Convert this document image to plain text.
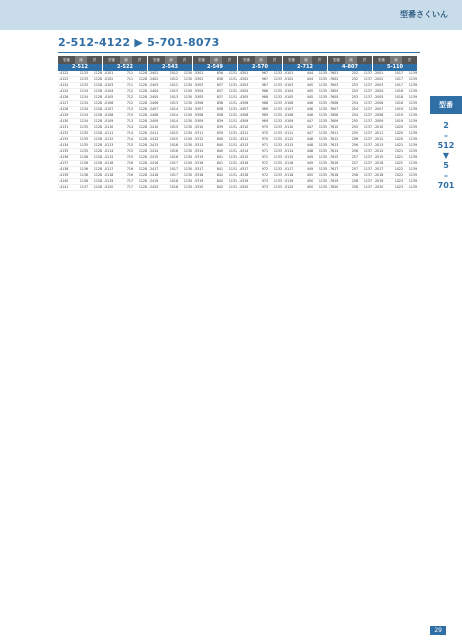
型番さくいん
2-512-4122 ▶ 5-701-8073
型番	価	頁
2-512
-4122	1133	1128
-4123	1133	1128
-4124	1133	1128
-4125	1134	1128
-4126	1134	1128
-4127	1134	1128
-4128	1134	1128
-4129	1134	1128
-4130	1134	1128
-4131	1135	1128
-4132	1135	1128
-4133	1135	1128
-4134	1135	1128
-4135	1135	1128
-4136	1136	1128
-4137	1136	1128
-4138	1136	1128
-4139	1136	1128
-4140	1136	1128
-4141	1137	1128
型番	価	頁
2-522
-0101	711	1128
-0102	711	1128
-0103	711	1128
-0104	712	1128
-0105	712	1128
-0106	712	1128
-0107	713	1128
-0108	713	1128
-0109	713	1128
-0110	714	1128
-0111	714	1128
-0112	714	1128
-0113	715	1128
-0114	715	1128
-0115	715	1128
-0116	716	1128
-0117	716	1128
-0118	716	1128
-0119	717	1128
-0120	717	1128
型番	価	頁
2-543
-2401	1012	1130
-2402	1012	1130
-2403	1012	1130
-2404	1013	1130
-2405	1013	1130
-2406	1013	1130
-2407	1014	1130
-2408	1014	1130
-2409	1014	1130
-2410	1015	1130
-2411	1015	1130
-2412	1015	1130
-2413	1016	1130
-2414	1016	1130
-2415	1016	1130
-2416	1017	1130
-2417	1017	1130
-2418	1017	1130
-2419	1018	1130
-2420	1018	1130
型番	価	頁
2-549
-5301	836	1131
-5302	836	1131
-5303	837	1131
-5304	837	1131
-5305	837	1131
-5306	838	1131
-5307	838	1131
-5308	838	1131
-5309	839	1131
-5310	839	1131
-5311	839	1131
-5312	840	1131
-5313	840	1131
-5314	840	1131
-5315	841	1131
-5316	841	1131
-5317	841	1131
-5318	842	1131
-5319	842	1131
-5320	842	1131
型番	価	頁
2-570
-4301	967	1133
-4302	967	1133
-4303	967	1133
-4304	968	1133
-4305	968	1133
-4306	968	1133
-4307	969	1133
-4308	969	1133
-4309	969	1133
-4310	970	1133
-4311	970	1133
-4312	970	1133
-4313	971	1133
-4314	971	1133
-4315	971	1133
-4316	972	1133
-4317	972	1133
-4318	972	1133
-4319	973	1133
-4320	973	1133
型番	価	頁
2-712
-0101	444	1135
-0102	444	1135
-0103	445	1135
-0104	445	1135
-0105	445	1135
-0106	446	1135
-0107	446	1135
-0108	446	1135
-0109	447	1135
-0110	447	1135
-0111	447	1135
-0112	448	1135
-0113	448	1135
-0114	448	1135
-0115	449	1135
-0116	449	1135
-0117	449	1135
-0118	450	1135
-0119	450	1135
-0120	450	1135
型番	価	頁
4-807
-7601	252	1137
-7602	252	1137
-7603	253	1137
-7604	253	1137
-7605	253	1137
-7606	254	1137
-7607	254	1137
-7608	254	1137
-7609	255	1137
-7610	255	1137
-7611	255	1137
-7612	256	1137
-7613	256	1137
-7614	256	1137
-7615	257	1137
-7616	257	1137
-7617	257	1137
-7618	258	1137
-7619	258	1137
-7620	258	1137
型番	価	頁
5-110
-2001	1017	1139
-2002	1017	1139
-2003	1017	1139
-2004	1018	1139
-2005	1018	1139
-2006	1018	1139
-2007	1019	1139
-2008	1019	1139
-2009	1019	1139
-2010	1020	1139
-2011	1020	1139
-2012	1020	1139
-2013	1021	1139
-2014	1021	1139
-2015	1021	1139
-2016	1022	1139
-2017	1022	1139
-2018	1022	1139
-2019	1023	1139
-2020	1023	1139
型番
2
–
512
▼
5
–
701
29
